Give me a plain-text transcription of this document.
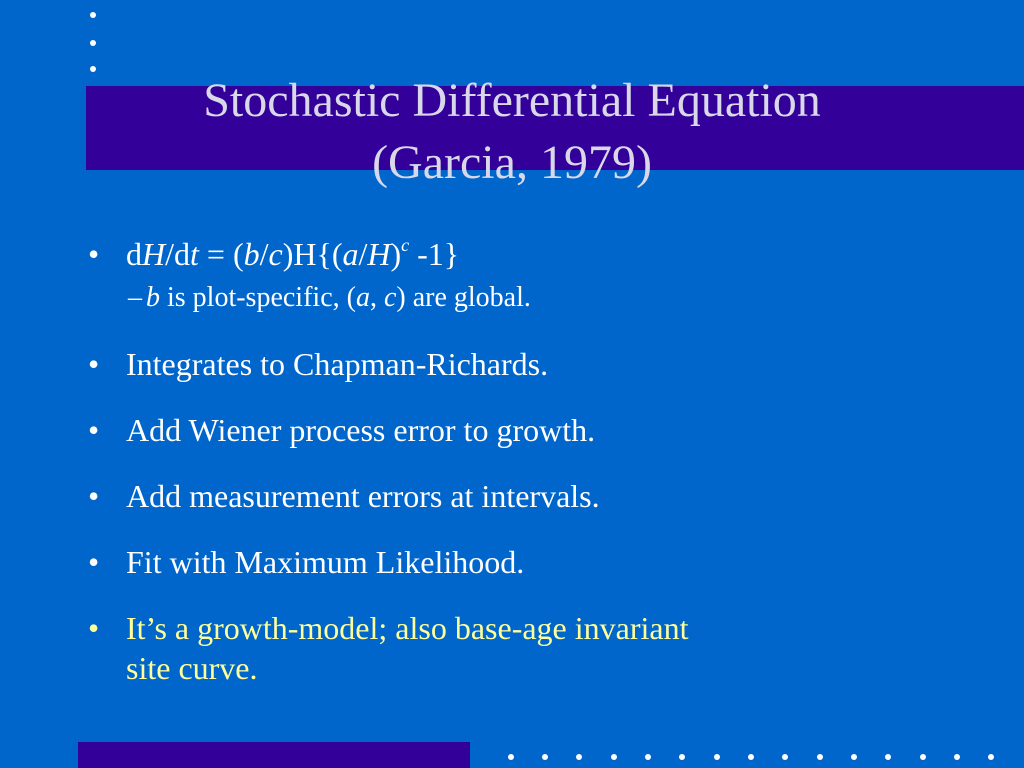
Stochastic Differential Equation
(Garcia, 1979)
• $dH/dt = (b/c)H\{(a/H)^c$ -1}
– b is plot-specific, (a, c) are global.
• Integrates to Chapman-Richards.
• Add Wiener process error to growth.
• Add measurement errors at intervals.
• Fit with Maximum Likelihood.
• It’s a growth-model; also base-age invariant
site curve.
